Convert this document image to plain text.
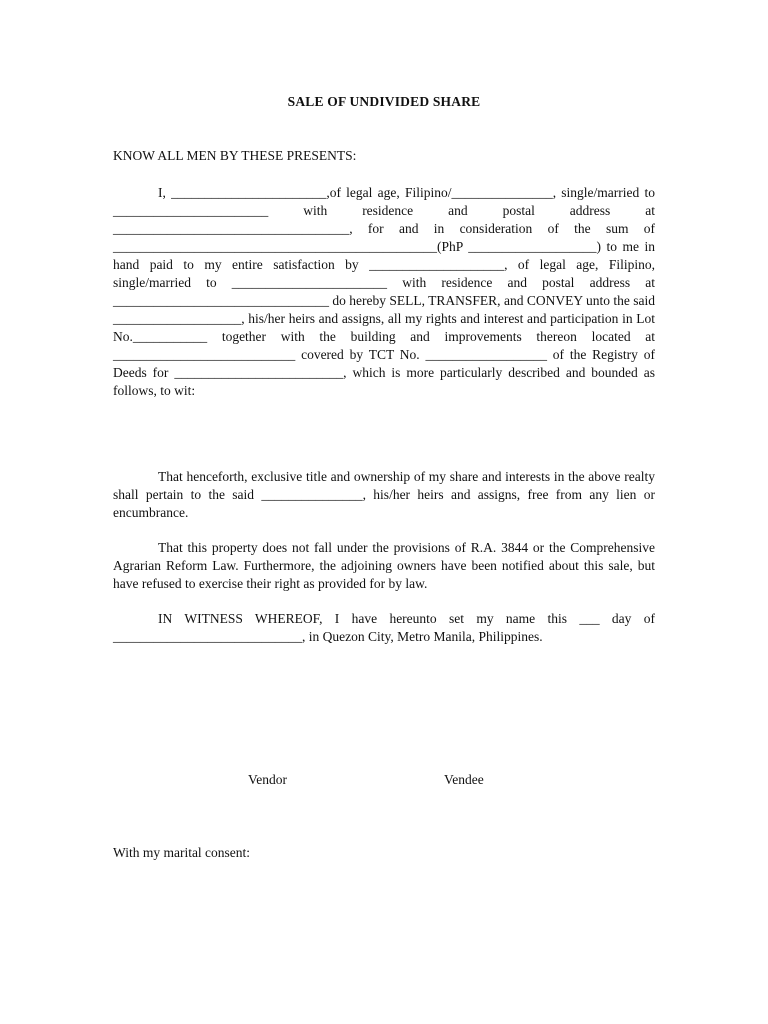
SALE OF UNDIVIDED SHARE
KNOW ALL MEN BY THESE PRESENTS:
I, _______________________,of legal age, Filipino/_______________, single/married to _______________________ with residence and postal address at ___________________________________, for and in consideration of the sum of ________________________________________________(PhP ___________________) to me in hand paid to my entire satisfaction by ____________________, of legal age, Filipino, single/married to _______________________ with residence and postal address at ________________________________ do hereby SELL, TRANSFER, and CONVEY unto the said ___________________, his/her heirs and assigns, all my rights and interest and participation in Lot No.___________ together with the building and improvements thereon located at ___________________________ covered by TCT No. __________________ of the Registry of Deeds for _________________________, which is more particularly described and bounded as follows, to wit:
That henceforth, exclusive title and ownership of my share and interests in the above realty shall pertain to the said _______________, his/her heirs and assigns, free from any lien or encumbrance.
That this property does not fall under the provisions of R.A. 3844 or the Comprehensive Agrarian Reform Law. Furthermore, the adjoining owners have been notified about this sale, but have refused to exercise their right as provided for by law.
IN WITNESS WHEREOF, I have hereunto set my name this ___ day of ____________________________, in Quezon City, Metro Manila, Philippines.
Vendor	Vendee
With my marital consent:
